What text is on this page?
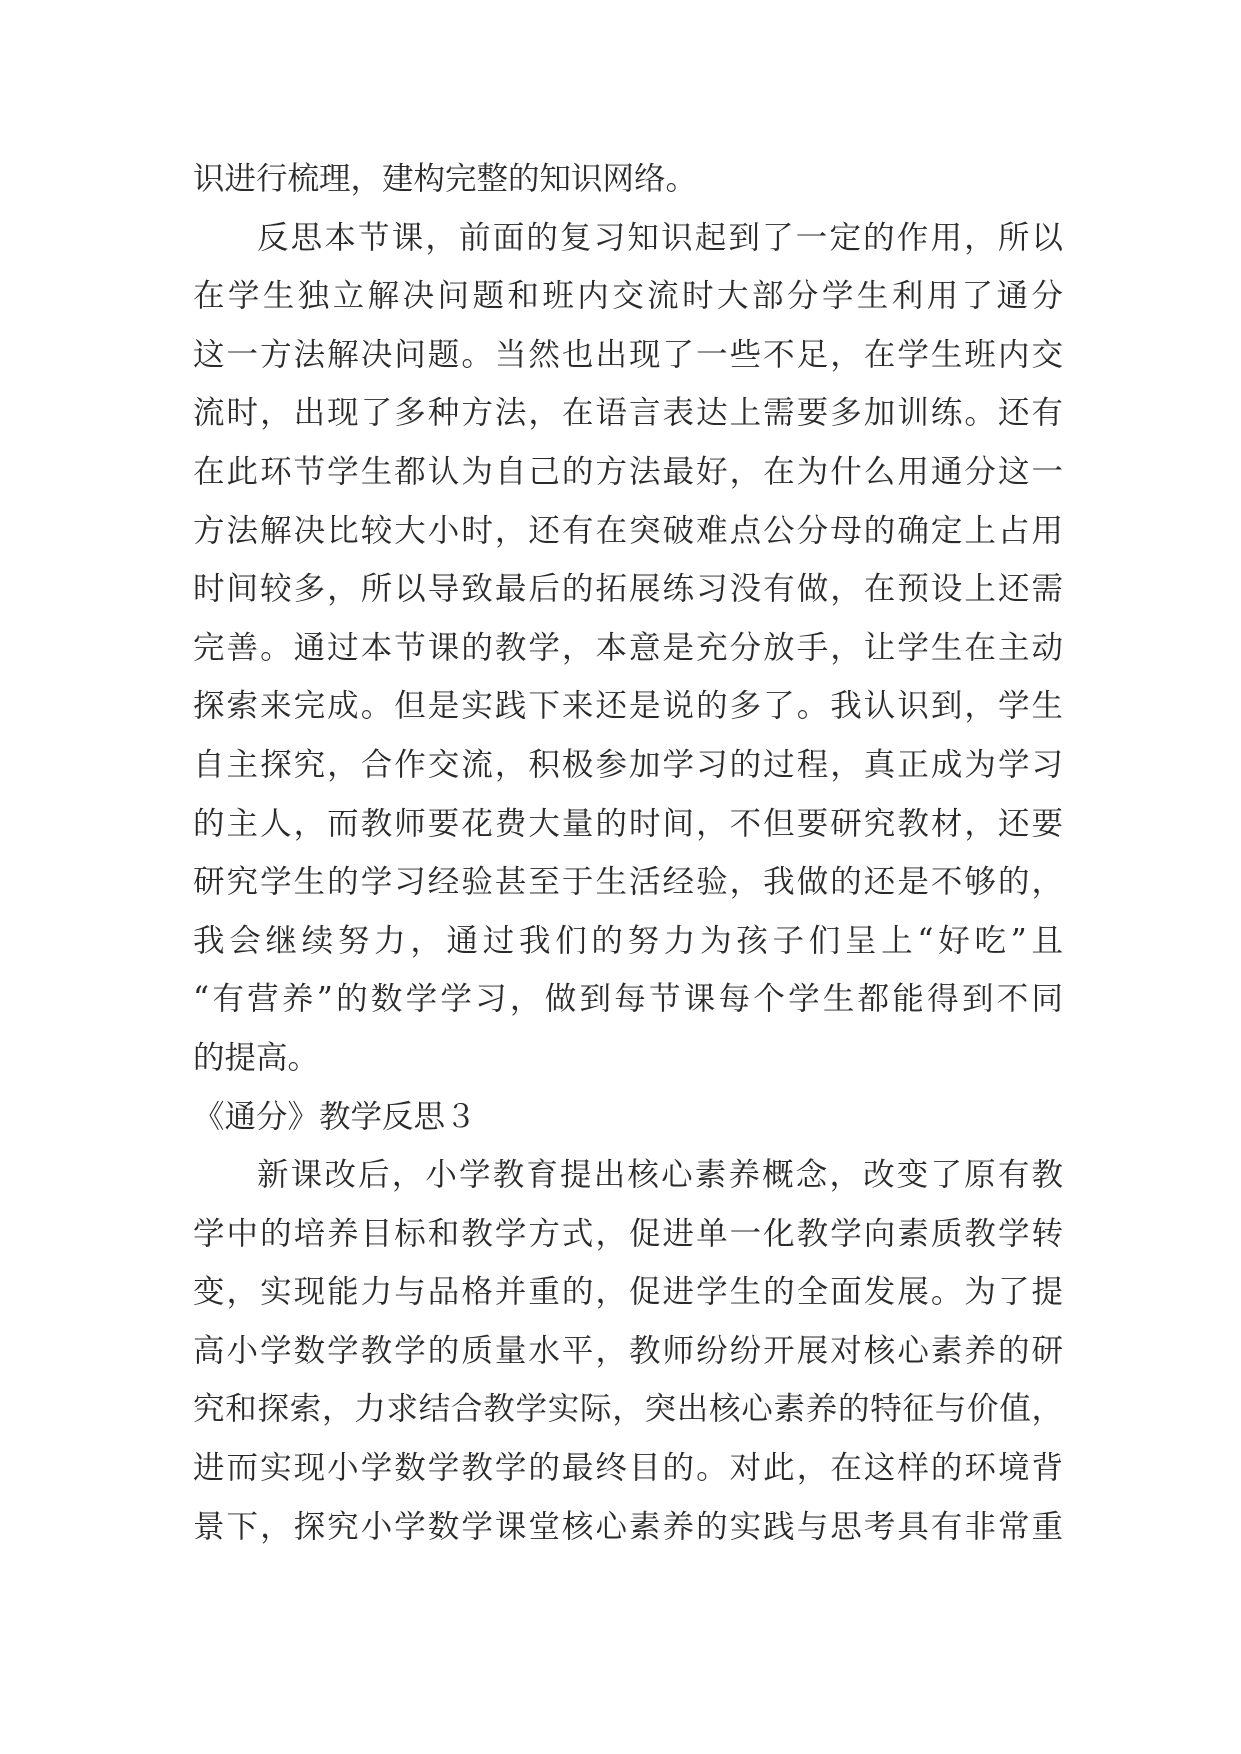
识进行梳理，建构完整的知识网络。
反思本节课，前面的复习知识起到了一定的作用，所以
在学生独立解决问题和班内交流时大部分学生利用了通分
这一方法解决问题。当然也出现了一些不足，在学生班内交
流时，出现了多种方法，在语言表达上需要多加训练。还有
在此环节学生都认为自己的方法最好，在为什么用通分这一
方法解决比较大小时，还有在突破难点公分母的确定上占用
时间较多，所以导致最后的拓展练习没有做，在预设上还需
完善。通过本节课的教学，本意是充分放手，让学生在主动
探索来完成。但是实践下来还是说的多了。我认识到，学生
自主探究，合作交流，积极参加学习的过程，真正成为学习
的主人，而教师要花费大量的时间，不但要研究教材，还要
研究学生的学习经验甚至于生活经验，我做的还是不够的，
我会继续努力，通过我们的努力为孩子们呈上“好吃”且
“有营养”的数学学习，做到每节课每个学生都能得到不同
的提高。
《通分》教学反思３
新课改后，小学教育提出核心素养概念，改变了原有教
学中的培养目标和教学方式，促进单一化教学向素质教学转
变，实现能力与品格并重的，促进学生的全面发展。为了提
高小学数学教学的质量水平，教师纷纷开展对核心素养的研
究和探索，力求结合教学实际，突出核心素养的特征与价值，
进而实现小学数学教学的最终目的。对此，在这样的环境背
景下，探究小学数学课堂核心素养的实践与思考具有非常重
